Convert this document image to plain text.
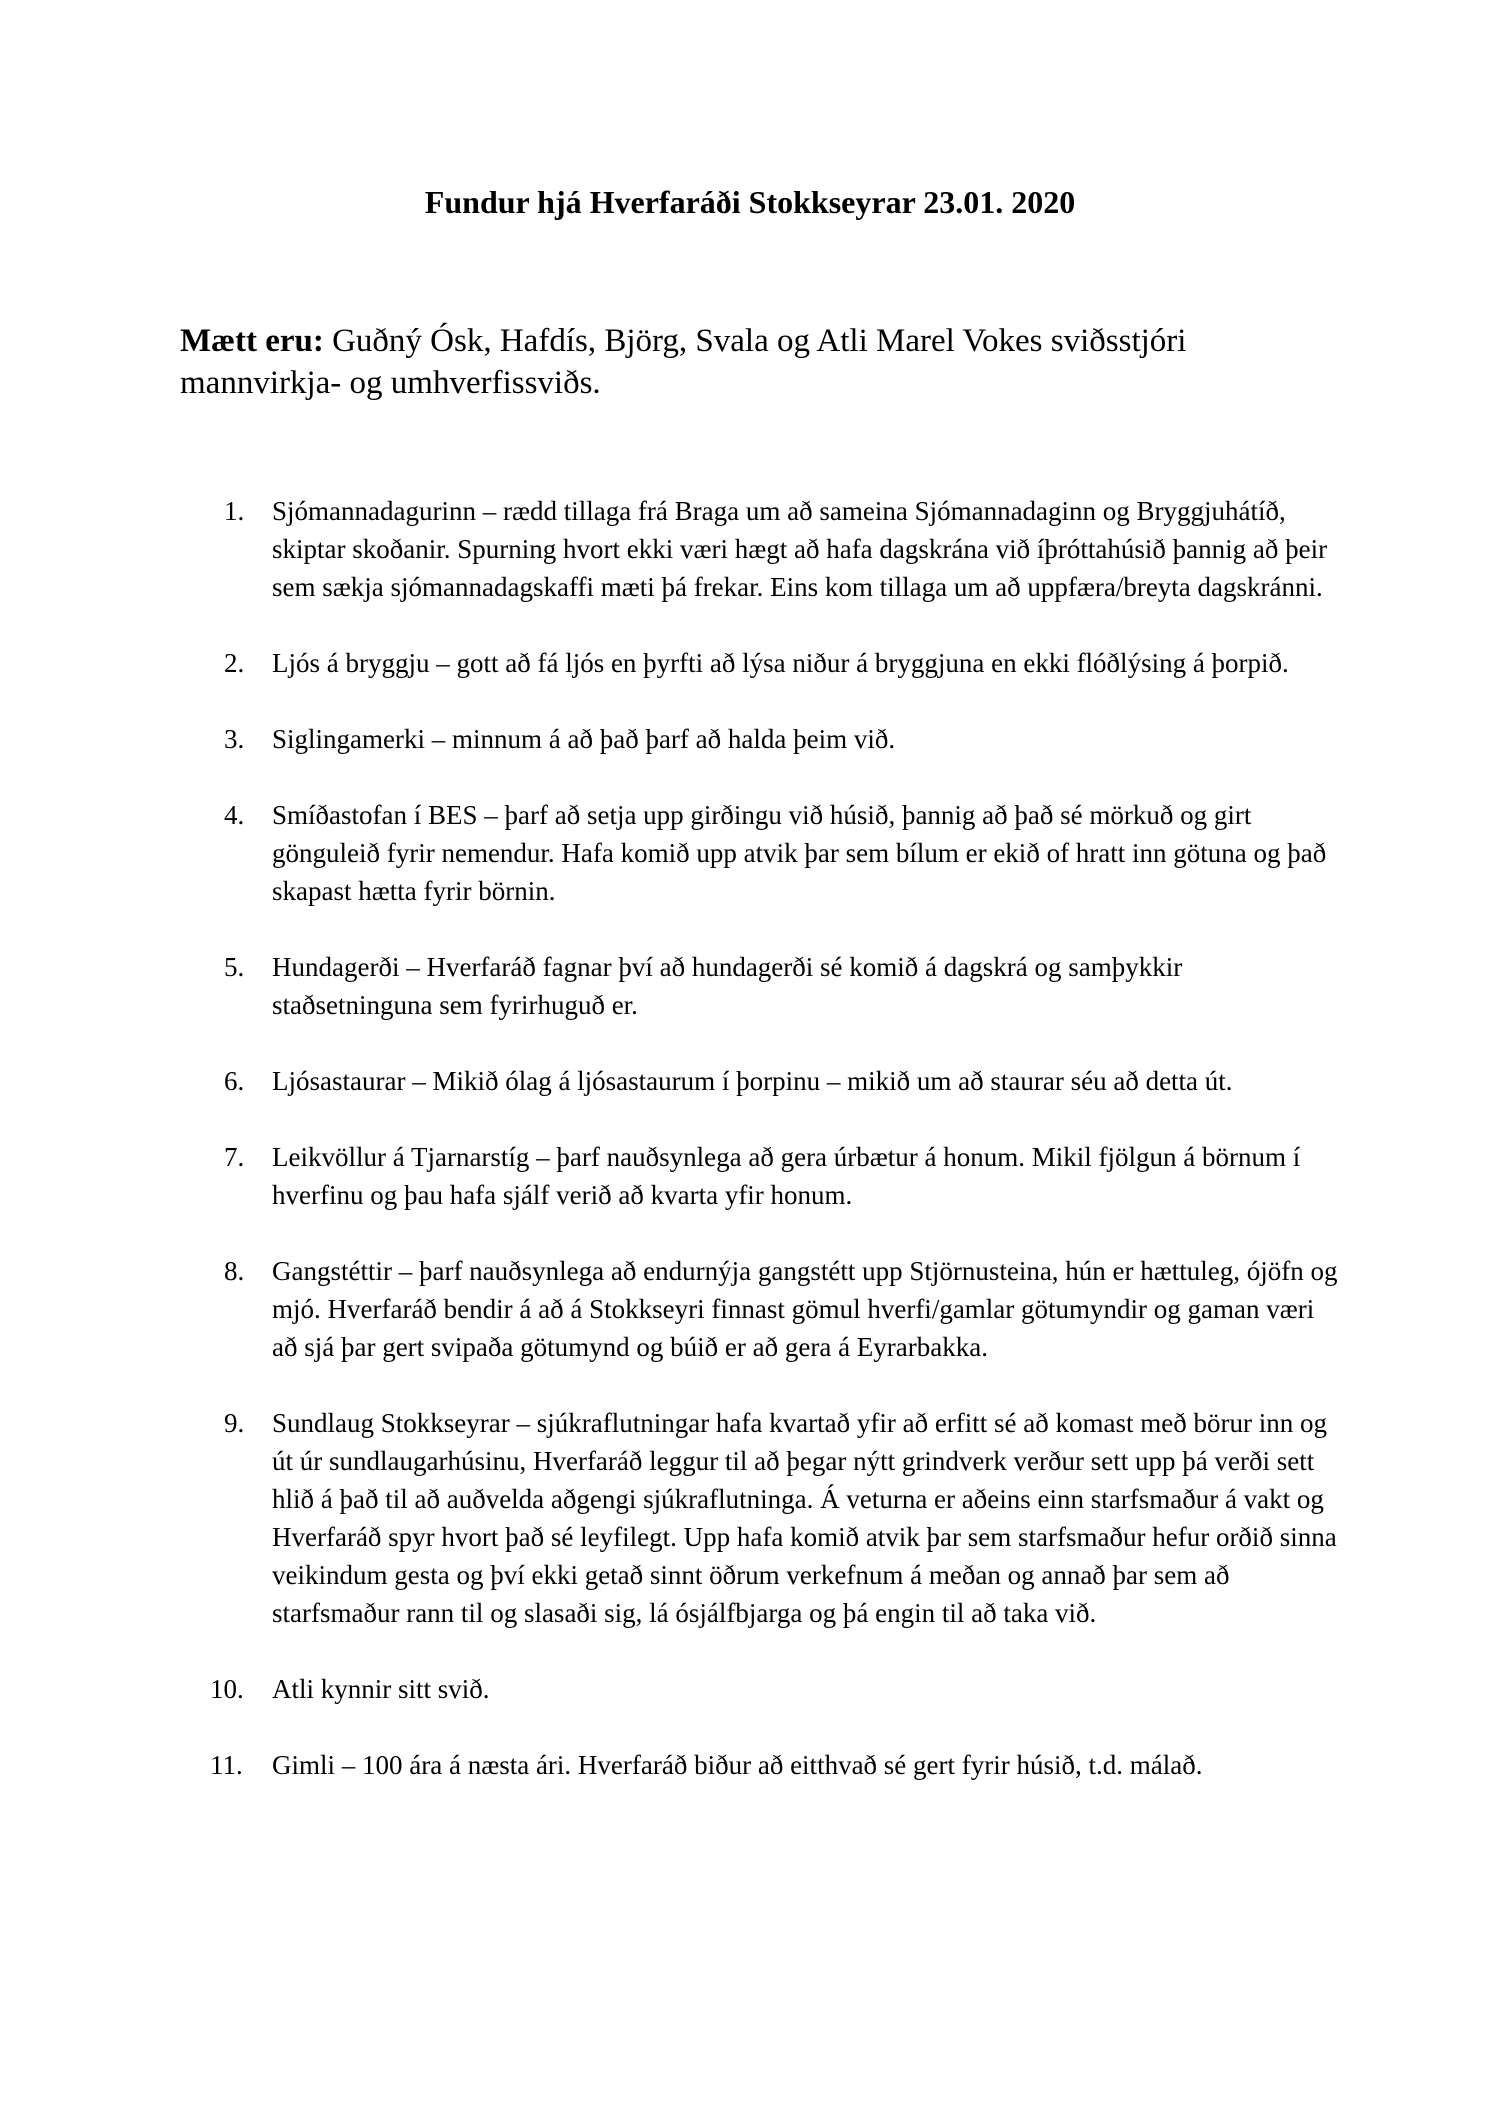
Fundur hjá Hverfaráði Stokkseyrar 23.01. 2020

Mætt eru: Guðný Ósk, Hafdís, Björg, Svala og Atli Marel Vokes sviðsstjóri mannvirkja- og umhverfissviðs.

1. Sjómannadagurinn – rædd tillaga frá Braga um að sameina Sjómannadaginn og Bryggjuhátíð, skiptar skoðanir. Spurning hvort ekki væri hægt að hafa dagskrána við íþróttahúsið þannig að þeir sem sækja sjómannadagskaffi mæti þá frekar. Eins kom tillaga um að uppfæra/breyta dagskránni.
2. Ljós á bryggju – gott að fá ljós en þyrfti að lýsa niður á bryggjuna en ekki flóðlýsing á þorpið.
3. Siglingamerki – minnum á að það þarf að halda þeim við.
4. Smíðastofan í BES – þarf að setja upp girðingu við húsið, þannig að það sé mörkuð og girt gönguleið fyrir nemendur. Hafa komið upp atvik þar sem bílum er ekið of hratt inn götuna og það skapast hætta fyrir börnin.
5. Hundagerði – Hverfaráð fagnar því að hundagerði sé komið á dagskrá og samþykkir staðsetninguna sem fyrirhuguð er.
6. Ljósastaurar – Mikið ólag á ljósastaurum í þorpinu – mikið um að staurar séu að detta út.
7. Leikvöllur á Tjarnarstíg – þarf nauðsynlega að gera úrbætur á honum. Mikil fjölgun á börnum í hverfinu og þau hafa sjálf verið að kvarta yfir honum.
8. Gangstéttir – þarf nauðsynlega að endurnýja gangstétt upp Stjörnusteina, hún er hættuleg, ójöfn og mjó. Hverfaráð bendir á að á Stokkseyri finnast gömul hverfi/gamlar götumyndir og gaman væri að sjá þar gert svipaða götumynd og búið er að gera á Eyrarbakka.
9. Sundlaug Stokkseyrar – sjúkraflutningar hafa kvartað yfir að erfitt sé að komast með börur inn og út úr sundlaugarhúsinu, Hverfaráð leggur til að þegar nýtt grindverk verður sett upp þá verði sett hlið á það til að auðvelda aðgengi sjúkraflutninga. Á veturna er aðeins einn starfsmaður á vakt og Hverfaráð spyr hvort það sé leyfilegt. Upp hafa komið atvik þar sem starfsmaður hefur orðið sinna veikindum gesta og því ekki getað sinnt öðrum verkefnum á meðan og annað þar sem að starfsmaður rann til og slasaði sig, lá ósjálfbjarga og þá engin til að taka við.
10. Atli kynnir sitt svið.
11. Gimli – 100 ára á næsta ári. Hverfaráð biður að eitthvað sé gert fyrir húsið, t.d. málað.
